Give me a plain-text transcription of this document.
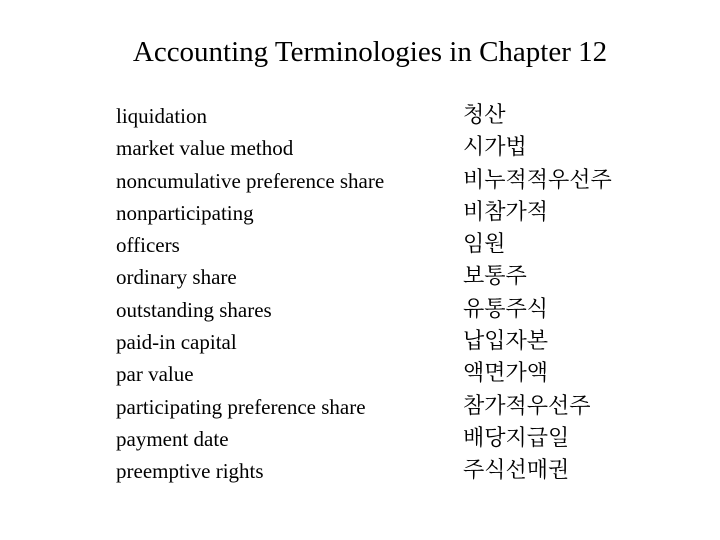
Accounting Terminologies in Chapter 12
liquidation	청산
market value method	시가법
noncumulative preference share	비누적적우선주
nonparticipating	비참가적
officers	임원
ordinary share	보통주
outstanding shares	유통주식
paid-in capital	납입자본
par value	액면가액
participating preference share	참가적우선주
payment date	배당지급일
preemptive rights	주식선매권
